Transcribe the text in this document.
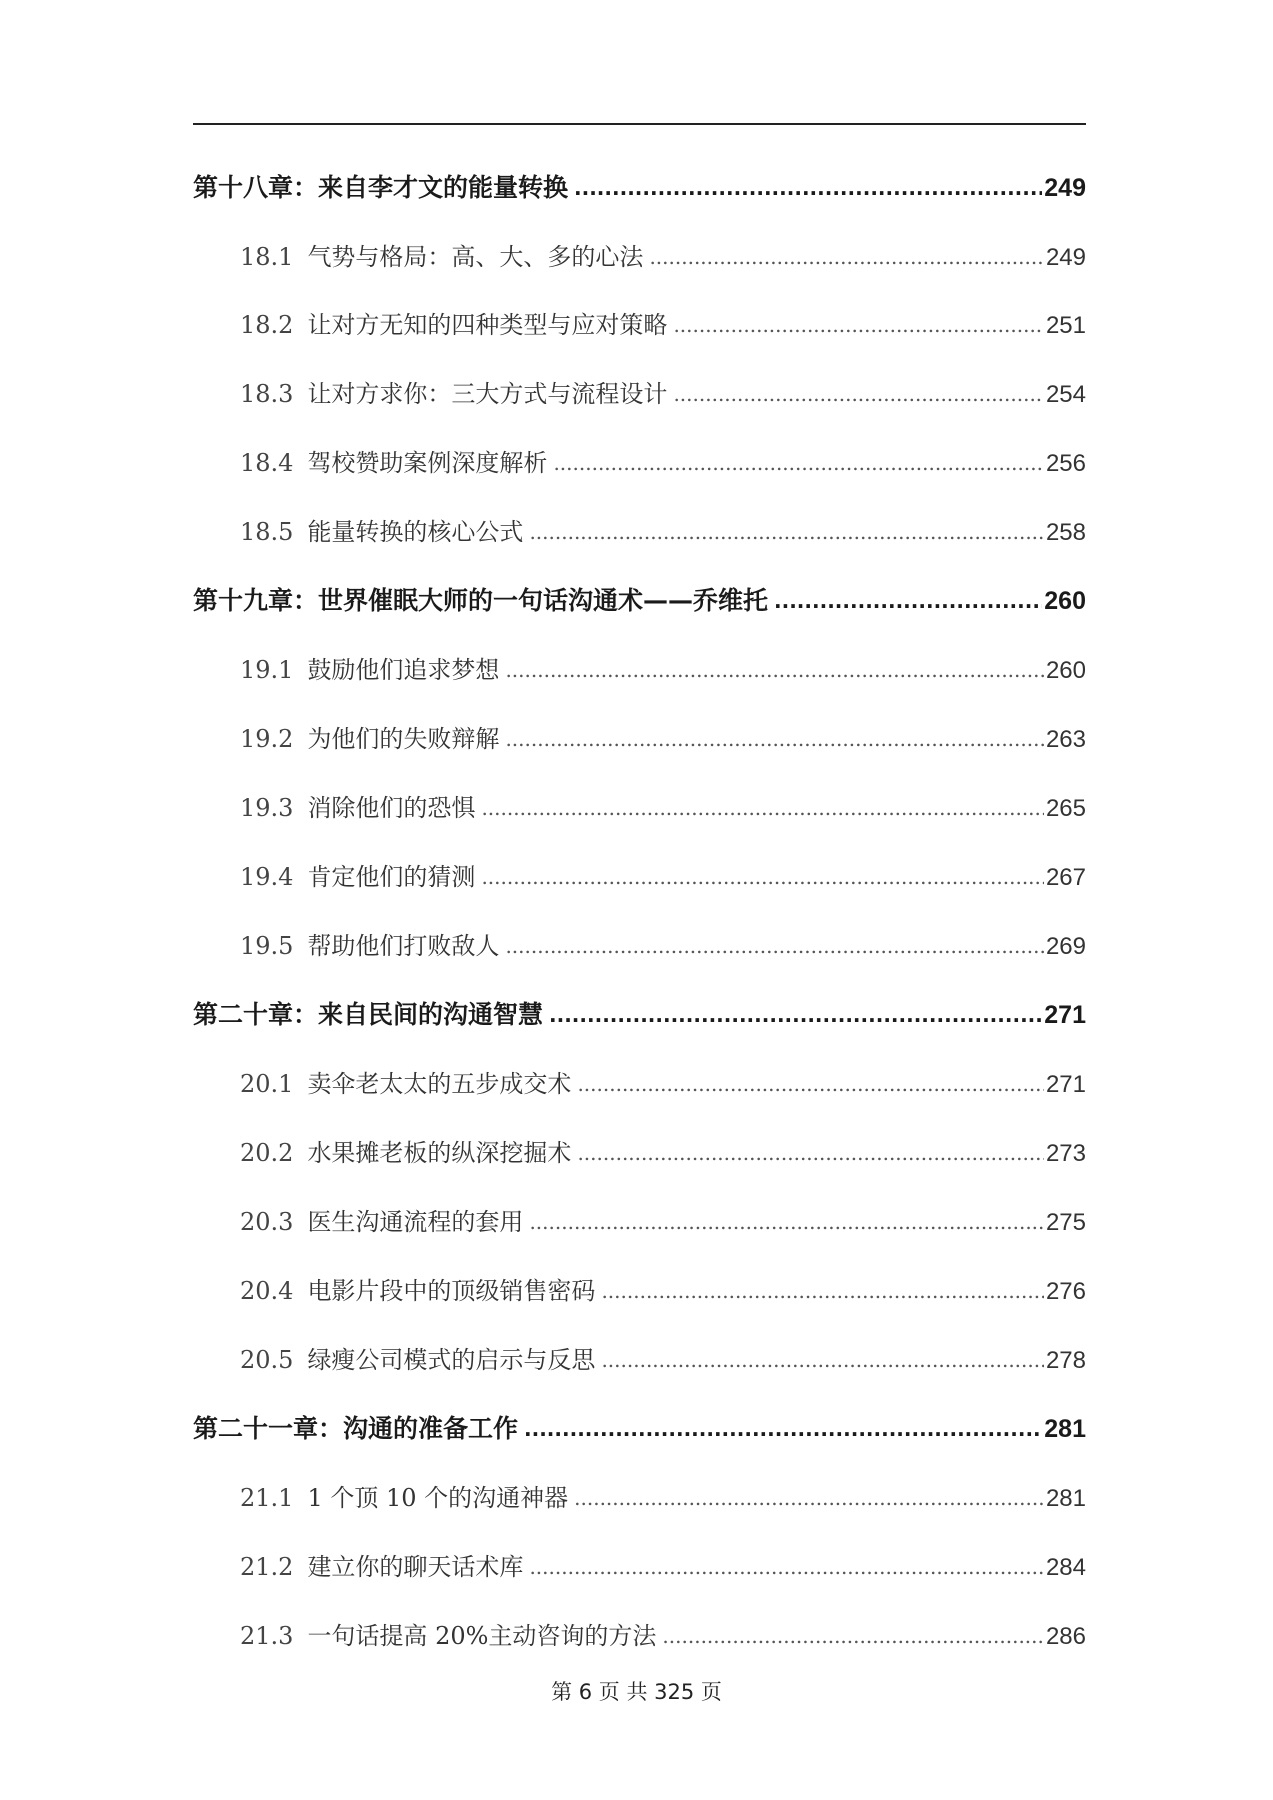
第十八章：来自李才文的能量转换 .....	249
18.1 气势与格局：高、大、多的心法 .....	249
18.2 让对方无知的四种类型与应对策略 .....	251
18.3 让对方求你：三大方式与流程设计 .....	254
18.4 驾校赞助案例深度解析 .....	256
18.5 能量转换的核心公式 .....	258
第十九章：世界催眠大师的一句话沟通术——乔维托 .....	260
19.1 鼓励他们追求梦想 .....	260
19.2 为他们的失败辩解 .....	263
19.3 消除他们的恐惧 .....	265
19.4 肯定他们的猜测 .....	267
19.5 帮助他们打败敌人 .....	269
第二十章：来自民间的沟通智慧 .....	271
20.1 卖伞老太太的五步成交术 .....	271
20.2 水果摊老板的纵深挖掘术 .....	273
20.3 医生沟通流程的套用 .....	275
20.4 电影片段中的顶级销售密码 .....	276
20.5 绿瘦公司模式的启示与反思 .....	278
第二十一章：沟通的准备工作 .....	281
21.1 1 个顶 10 个的沟通神器 .....	281
21.2 建立你的聊天话术库 .....	284
21.3 一句话提高 20%主动咨询的方法 .....	286
第 6 页 共 325 页
